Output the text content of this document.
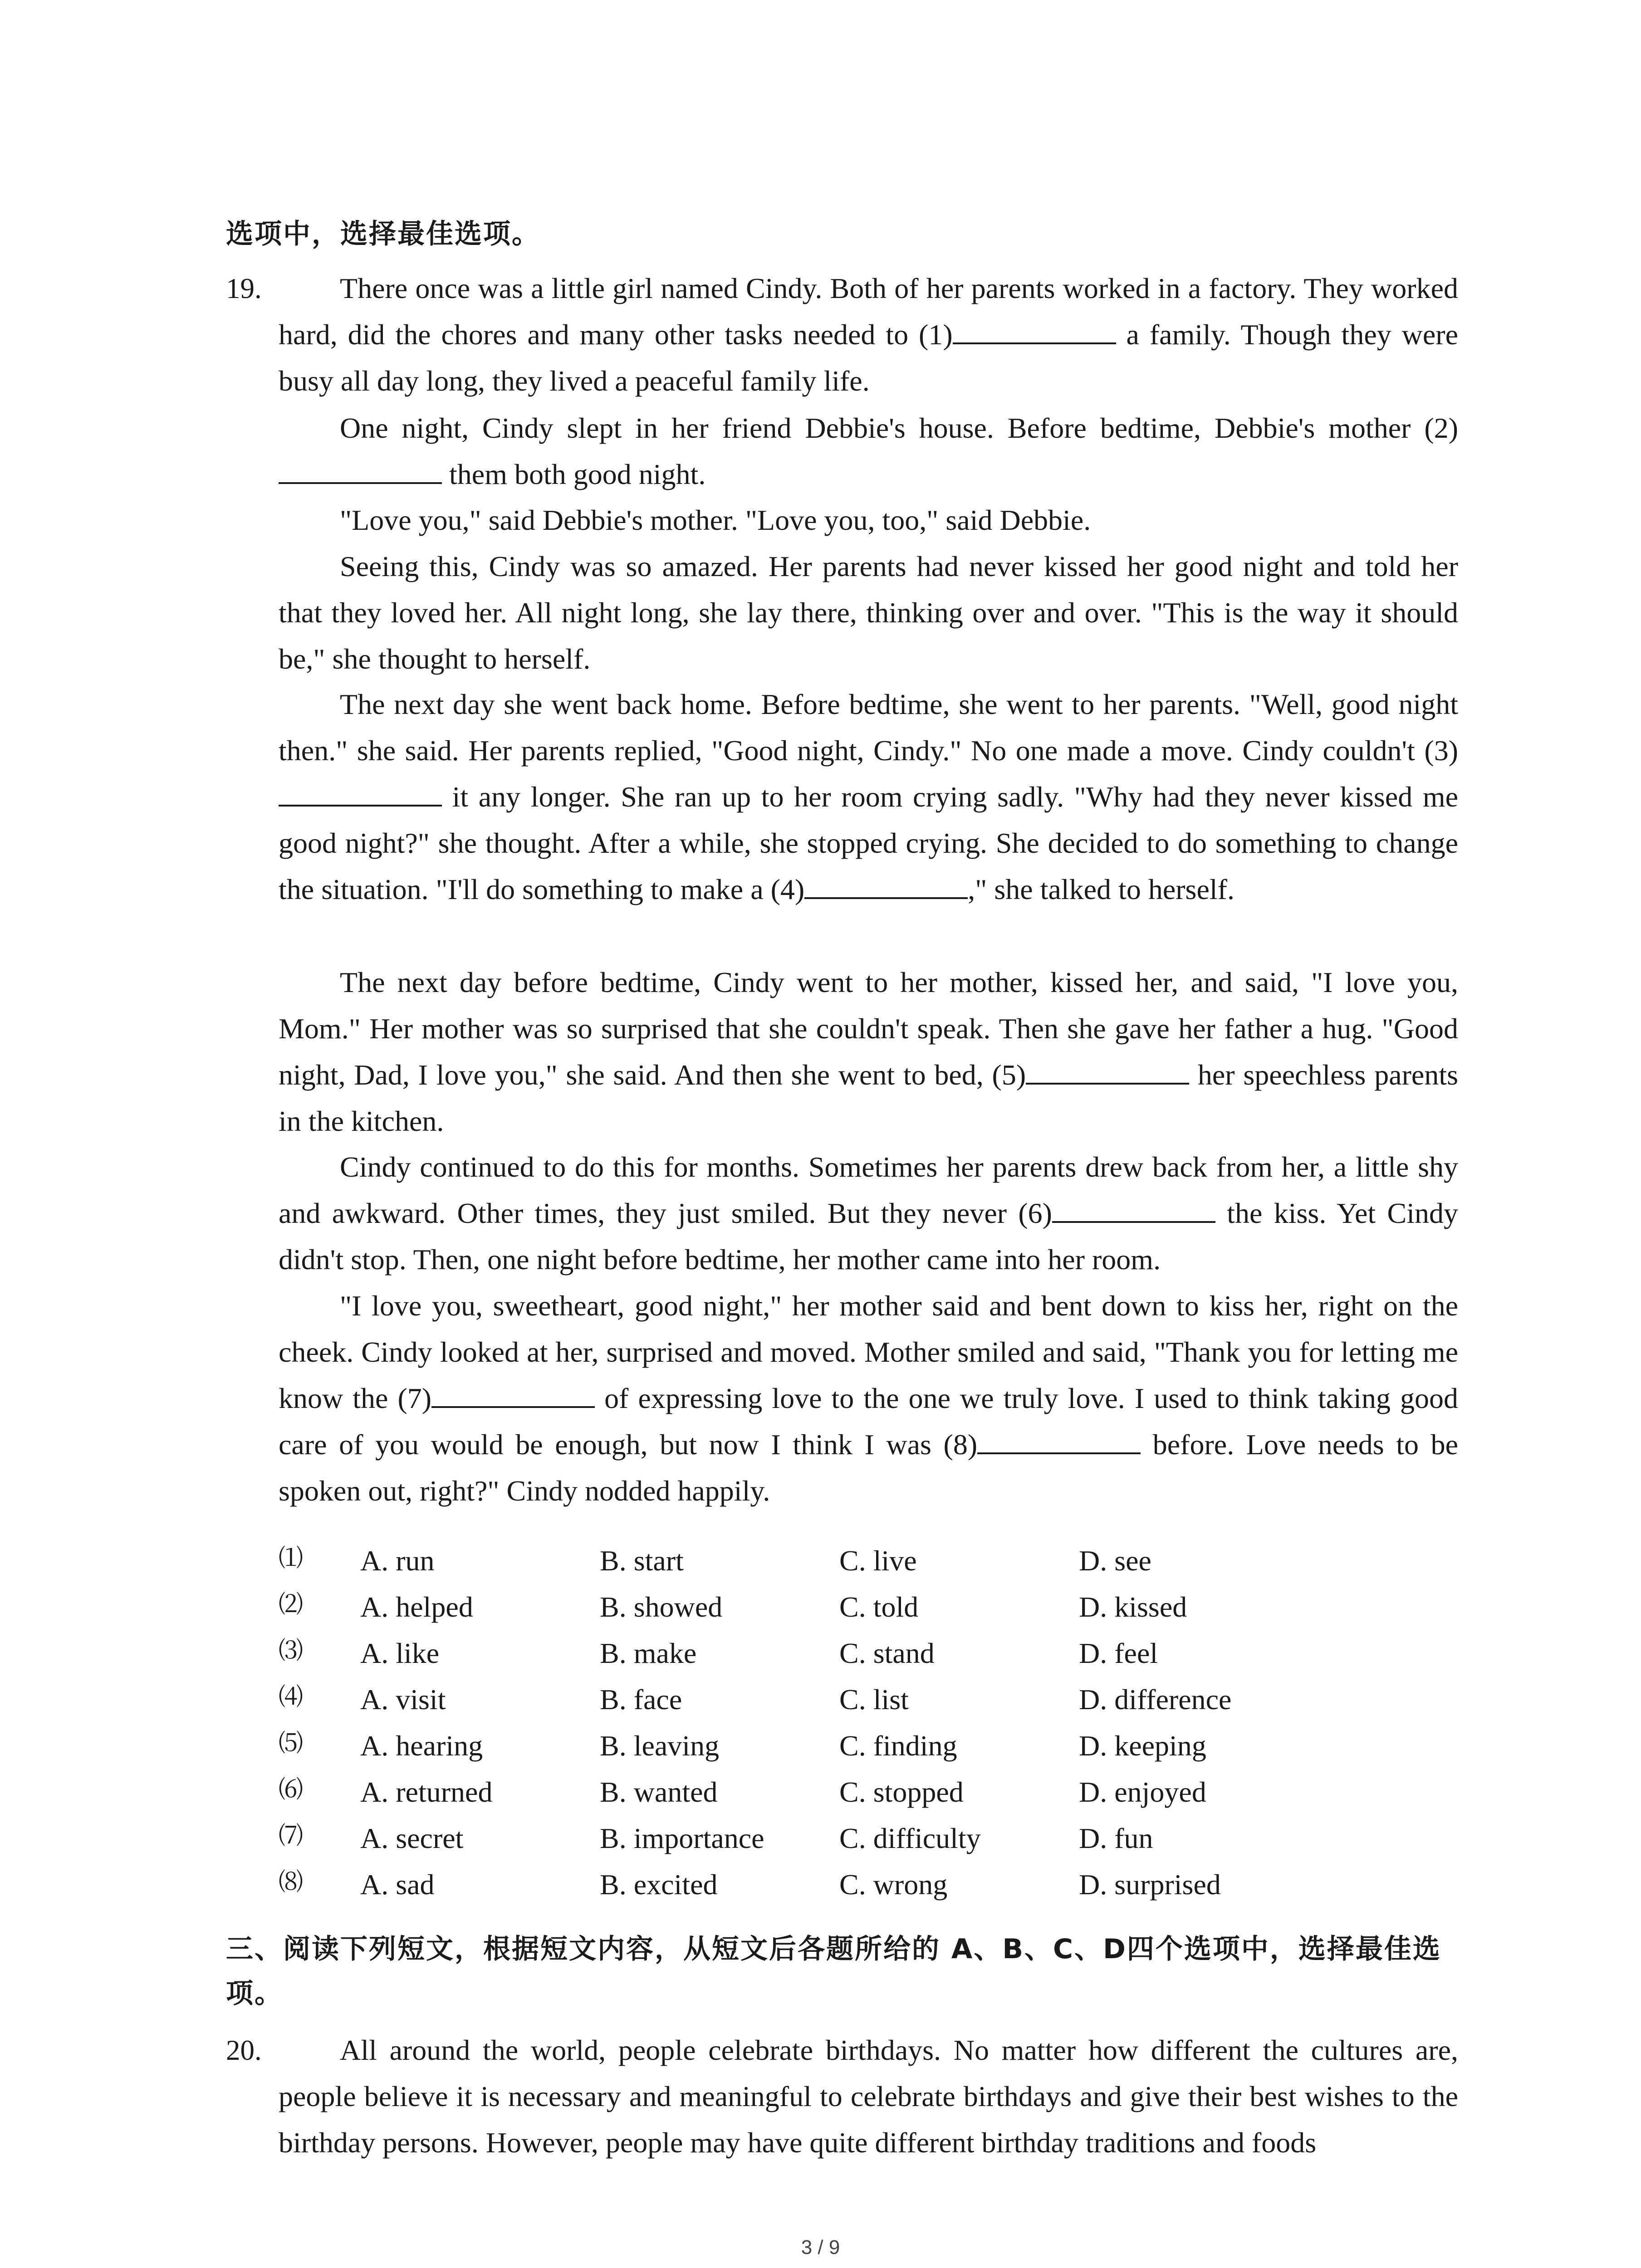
选项中，选择最佳选项。
19.	There once was a little girl named Cindy. Both of her parents worked in a factory. They worked hard, did the chores and many other tasks needed to (1)	a family. Though they were busy all day long, they lived a peaceful family life.
One night, Cindy slept in her friend Debbie's house. Before bedtime, Debbie's mother (2) them both good night.
"Love you," said Debbie's mother. "Love you, too," said Debbie.
Seeing this, Cindy was so amazed. Her parents had never kissed her good night and told her that they loved her. All night long, she lay there, thinking over and over. "This is the way it should be," she thought to herself.
The next day she went back home. Before bedtime, she went to her parents. "Well, good night then." she said. Her parents replied, "Good night, Cindy." No one made a move. Cindy couldn't (3) it any longer. She ran up to her room crying sadly. "Why had they never kissed me good night?" she thought. After a while, she stopped crying. She decided to do something to change the situation. "I'll do something to make a (4)	," she talked to herself.
The next day before bedtime, Cindy went to her mother, kissed her, and said, "I love you, Mom." Her mother was so surprised that she couldn't speak. Then she gave her father a hug. "Good night, Dad, I love you," she said. And then she went to bed, (5)	her speechless parents in the kitchen.
Cindy continued to do this for months. Sometimes her parents drew back from her, a little shy and awkward. Other times, they just smiled. But they never (6)	the kiss. Yet Cindy didn't stop. Then, one night before bedtime, her mother came into her room.
"I love you, sweetheart, good night," her mother said and bent down to kiss her, right on the cheek. Cindy looked at her, surprised and moved. Mother smiled and said, "Thank you for letting me know the (7)	of expressing love to the one we truly love. I used to think taking good care of you would be enough, but now I think I was (8)	before. Love needs to be spoken out, right?" Cindy nodded happily.
⑴ A. run	B. start	C. live	D. see
⑵ A. helped	B. showed	C. told	D. kissed
⑶ A. like	B. make	C. stand	D. feel
⑷ A. visit	B. face	C. list	D. difference
⑸ A. hearing	B. leaving	C. finding	D. keeping
⑹ A. returned	B. wanted	C. stopped	D. enjoyed
⑺ A. secret	B. importance	C. difficulty	D. fun
⑻ A. sad	B. excited	C. wrong	D. surprised
三、阅读下列短文，根据短文内容，从短文后各题所给的 A、B、C、D四个选项中，选择最佳选项。
20.	All around the world, people celebrate birthdays. No matter how different the cultures are, people believe it is necessary and meaningful to celebrate birthdays and give their best wishes to the birthday persons. However, people may have quite different birthday traditions and foods
3 / 9
